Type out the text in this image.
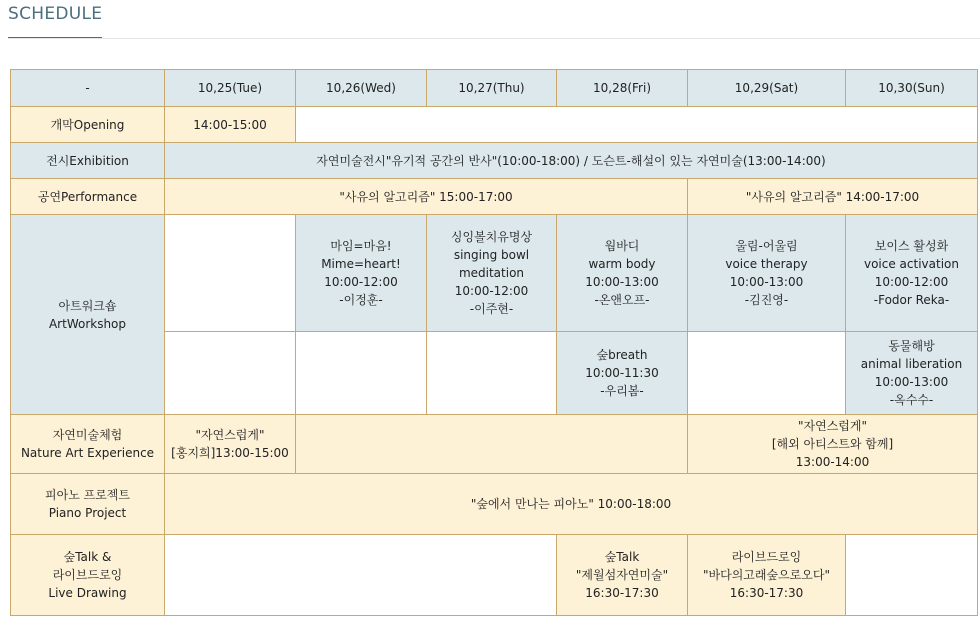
SCHEDULE
-	10,25(Tue)	10,26(Wed)	10,27(Thu)	10,28(Fri)	10,29(Sat)	10,30(Sun)
개막Opening	14:00-15:00					
전시Exhibition	자연미술전시"유기적 공간의 반사"(10:00-18:00) / 도슨트-해설이 있는 자연미술(13:00-14:00)					
공연Performance	"사유의 알고리즘" 15:00-17:00				"사유의 알고리즘" 14:00-17:00	

아트워크숍
ArtWorkshop		마임=마음!
Mime=heart!
10:00-12:00
-이정훈-	싱잉볼치유명상
singing bowl
meditation
10:00-12:00
-이주현-	웜바디
warm body
10:00-13:00
-온앤오프-	울림-어울림
voice therapy
10:00-13:00
-김진영-	보이스 활성화
voice activation
10:00-12:00
-Fodor Reka-

				숲breath
10:00-11:30
-우리봄-		동물해방
animal liberation
10:00-13:00
-옥수수-

자연미술체험
Nature Art Experience	"자연스럽게"
[홍지희]13:00-15:00				"자연스럽게"
[해외 아티스트와 함께]
13:00-14:00	

피아노 프로젝트
Piano Project	"숲에서 만나는 피아노" 10:00-18:00					

숲Talk &
라이브드로잉
Live Drawing				숲Talk
"제월섬자연미술"
16:30-17:30	라이브드로잉
"바다의고래숲으로오다"
16:30-17:30	
